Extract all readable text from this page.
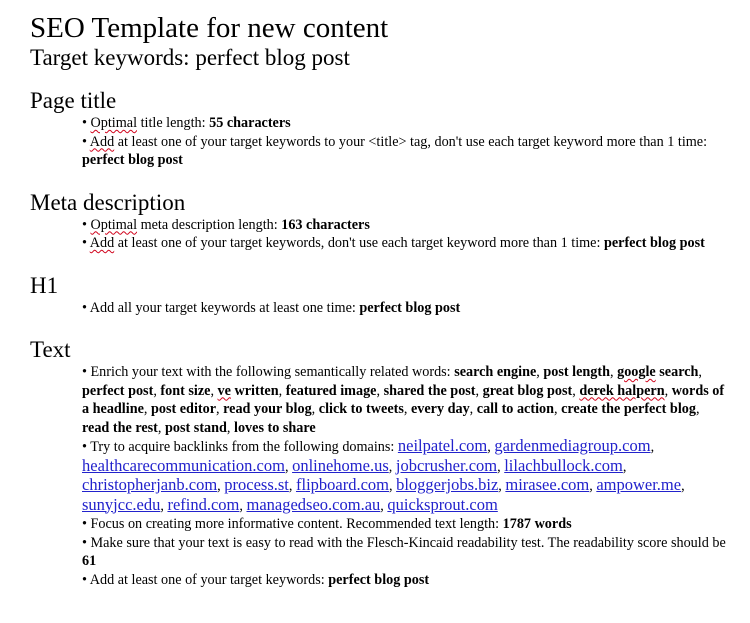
SEO Template for new content
Target keywords: perfect blog post
Page title
• Optimal title length: 55 characters
• Add at least one of your target keywords to your <title> tag, don't use each target keyword more than 1 time: perfect blog post
Meta description
• Optimal meta description length: 163 characters
• Add at least one of your target keywords, don't use each target keyword more than 1 time: perfect blog post
H1
• Add all your target keywords at least one time: perfect blog post
Text
• Enrich your text with the following semantically related words: search engine, post length, google search, perfect post, font size, ve written, featured image, shared the post, great blog post, derek halpern, words of a headline, post editor, read your blog, click to tweets, every day, call to action, create the perfect blog, read the rest, post stand, loves to share
• Try to acquire backlinks from the following domains: neilpatel.com, gardenmediagroup.com, healthcarecommunication.com, onlinehome.us, jobcrusher.com, lilachbullock.com, christopherjanb.com, process.st, flipboard.com, bloggerjobs.biz, mirasee.com, ampower.me, sunyjcc.edu, refind.com, managedseo.com.au, quicksprout.com
• Focus on creating more informative content. Recommended text length: 1787 words
• Make sure that your text is easy to read with the Flesch-Kincaid readability test. The readability score should be 61
• Add at least one of your target keywords: perfect blog post
